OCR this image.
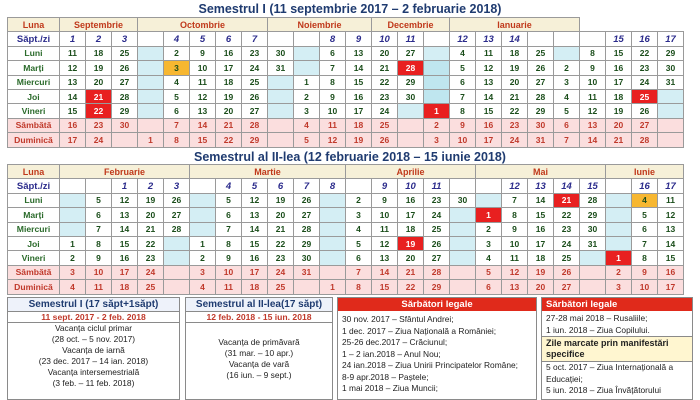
Semestrul I (11 septembrie 2017 – 2 februarie 2018)
Luna	Septembrie			Octombrie					Noiembrie				Decembrie			Ianuarie								
Săpt./zi	1	2	3		4	5	6	7			8	9	10	11		12	13	14				15	16	17
Luni	11	18	25		2	9	16	23	30		6	13	20	27		4	11	18	25		8	15	22	29
Marți	12	19	26		3	10	17	24	31		7	14	21	28		5	12	19	26	2	9	16	23	30
Miercuri	13	20	27		4	11	18	25		1	8	15	22	29		6	13	20	27	3	10	17	24	31
Joi	14	21	28		5	12	19	26		2	9	16	23	30		7	14	21	28	4	11	18	25	
Vineri	15	22	29		6	13	20	27		3	10	17	24		1	8	15	22	29	5	12	19	26	
Sâmbătă	16	23	30		7	14	21	28		4	11	18	25		2	9	16	23	30	6	13	20	27	
Duminică	17	24		1	8	15	22	29		5	12	19	26		3	10	17	24	31	7	14	21	28	
Semestrul al II-lea (12 februarie 2018 – 15 iunie 2018)
Luna	Februarie					Martie						Aprilie					Mai					Iunie		
Săpt./zi			1	2	3		4	5	6	7	8		9	10	11			12	13	14	15		16	17
Luni		5	12	19	26		5	12	19	26		2	9	16	23	30		7	14	21	28		4	11
Marți		6	13	20	27		6	13	20	27		3	10	17	24		1	8	15	22	29		5	12
Miercuri		7	14	21	28		7	14	21	28		4	11	18	25		2	9	16	23	30		6	13
Joi	1	8	15	22		1	8	15	22	29		5	12	19	26		3	10	17	24	31		7	14
Vineri	2	9	16	23		2	9	16	23	30		6	13	20	27		4	11	18	25		1	8	15
Sâmbătă	3	10	17	24		3	10	17	24	31		7	14	21	28		5	12	19	26		2	9	16
Duminică	4	11	18	25		4	11	18	25		1	8	15	22	29		6	13	20	27		3	10	17
Semestrul I (17 săpt+1săpt)
11 sept. 2017 - 2 feb. 2018
Vacanța ciclul primar
(28 oct. – 5 nov. 2017)
Vacanța de iarnă
(23 dec. 2017 – 14 ian. 2018)
Vacanța intersemestrială
(3 feb. – 11 feb. 2018)
Semestrul al II-lea(17 săpt)
12 feb. 2018 - 15 iun. 2018
Vacanța de primăvară
(31 mar. – 10 apr.)
Vacanța de vară
(16 iun. – 9 sept.)
Sărbători legale
30 nov. 2017 – Sfântul Andrei;
1 dec. 2017 – Ziua Națională a României;
25-26 dec.2017 – Crăciunul;
1 – 2 ian.2018 – Anul Nou;
24 ian.2018 – Ziua Unirii Principatelor Române;
8-9 apr.2018 – Paștele;
1 mai 2018 – Ziua Muncii;
Sărbători legale
27-28 mai 2018 – Rusaliile;
1 iun. 2018 – Ziua Copilului.
Zile marcate prin manifestări specifice
5 oct. 2017 – Ziua Internațională a Educației;
5 iun. 2018 – Ziua Învățătorului
